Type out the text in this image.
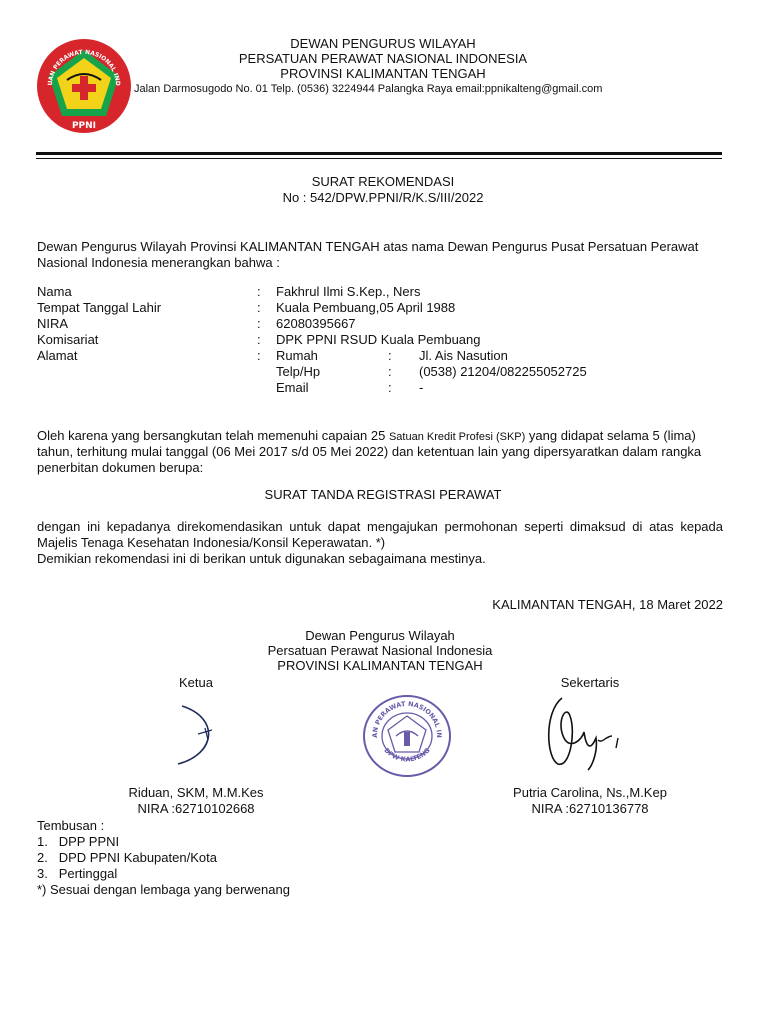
UAN PERAWAT NASIONAL IND
PPNI
DEWAN PENGURUS WILAYAH
PERSATUAN PERAWAT NASIONAL INDONESIA
PROVINSI KALIMANTAN TENGAH
Jalan Darmosugodo No. 01 Telp. (0536) 3224944 Palangka Raya email:ppnikalteng@gmail.com
SURAT REKOMENDASI
No : 542/DPW.PPNI/R/K.S/III/2022
Dewan Pengurus Wilayah Provinsi KALIMANTAN TENGAH atas nama Dewan Pengurus Pusat Persatuan Perawat
Nasional Indonesia menerangkan bahwa :
Nama	: Fakhrul Ilmi S.Kep., Ners
Tempat Tanggal Lahir	: Kuala Pembuang,05 April 1988
NIRA	: 62080395667
Komisariat	: DPK PPNI RSUD Kuala Pembuang
Alamat	: Rumah	: Jl. Ais Nasution
Telp/Hp	: (0538) 21204/082255052725
Email	: -
Oleh karena yang bersangkutan telah memenuhi capaian 25 Satuan Kredit Profesi (SKP) yang didapat selama 5 (lima)
tahun, terhitung mulai tanggal (06 Mei 2017 s/d 05 Mei 2022) dan ketentuan lain yang dipersyaratkan dalam rangka
penerbitan dokumen berupa:
SURAT TANDA REGISTRASI PERAWAT
dengan ini kepadanya direkomendasikan untuk dapat mengajukan permohonan seperti dimaksud di atas kepada
Majelis Tenaga Kesehatan Indonesia/Konsil Keperawatan. *)
Demikian rekomendasi ini di berikan untuk digunakan sebagaimana mestinya.
KALIMANTAN TENGAH, 18 Maret 2022
Dewan Pengurus Wilayah
Persatuan Perawat Nasional Indonesia
PROVINSI KALIMANTAN TENGAH
Ketua	Sekertaris
AN PERAWAT NASIONAL IN
DPW KALTENG
Riduan, SKM, M.M.Kes
NIRA :62710102668
Putria Carolina, Ns.,M.Kep
NIRA :62710136778
Tembusan :
1.   DPP PPNI
2.   DPD PPNI Kabupaten/Kota
3.   Pertinggal
*) Sesuai dengan lembaga yang berwenang
